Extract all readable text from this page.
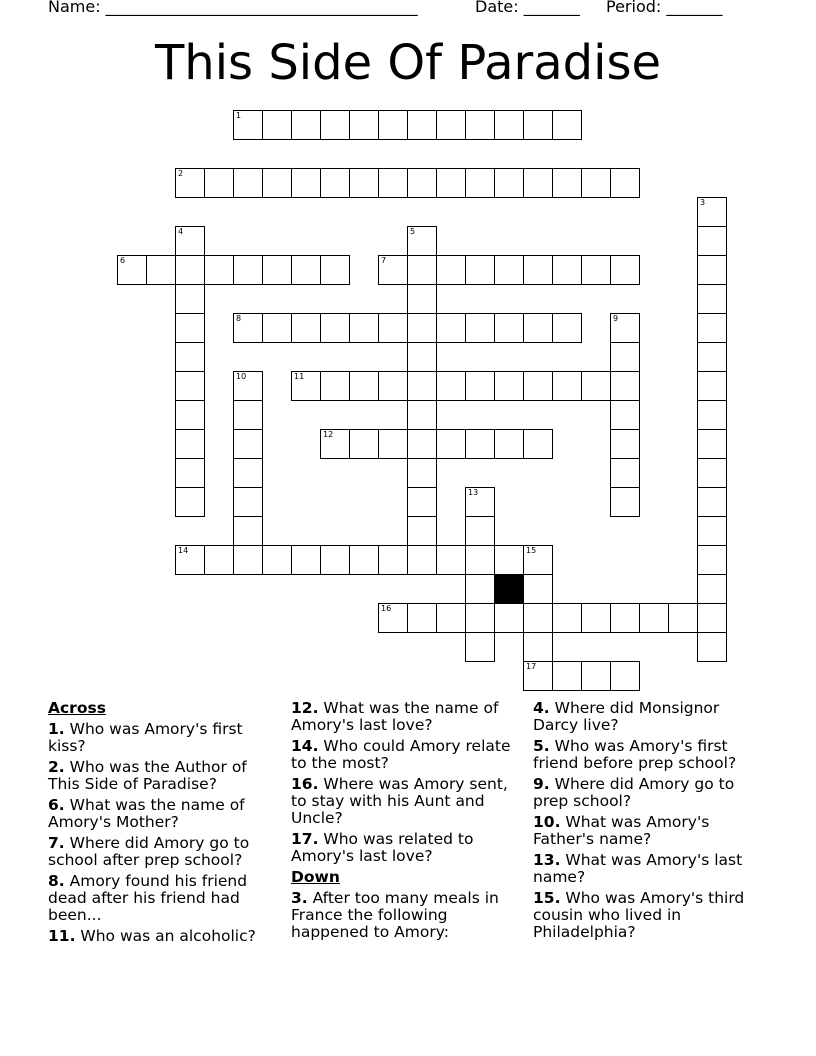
Name: _______________________________________	Date: _______ Period: _______
This Side Of Paradise
1
2
3
4	5
6	7
8	9
10	11
12
13
14	15
17
16
Across
1. Who was Amory's first kiss?
2. Who was the Author of This Side of Paradise?
6. What was the name of Amory's Mother?
7. Where did Amory go to school after prep school?
8. Amory found his friend dead after his friend had been...
11. Who was an alcoholic?
12. What was the name of Amory's last love?
14. Who could Amory relate to the most?
16. Where was Amory sent, to stay with his Aunt and Uncle?
17. Who was related to Amory's last love?
Down
3. After too many meals in France the following happened to Amory:
4. Where did Monsignor Darcy live?
5. Who was Amory's first friend before prep school?
9. Where did Amory go to prep school?
10. What was Amory's Father's name?
13. What was Amory's last name?
15. Who was Amory's third cousin who lived in Philadelphia?
